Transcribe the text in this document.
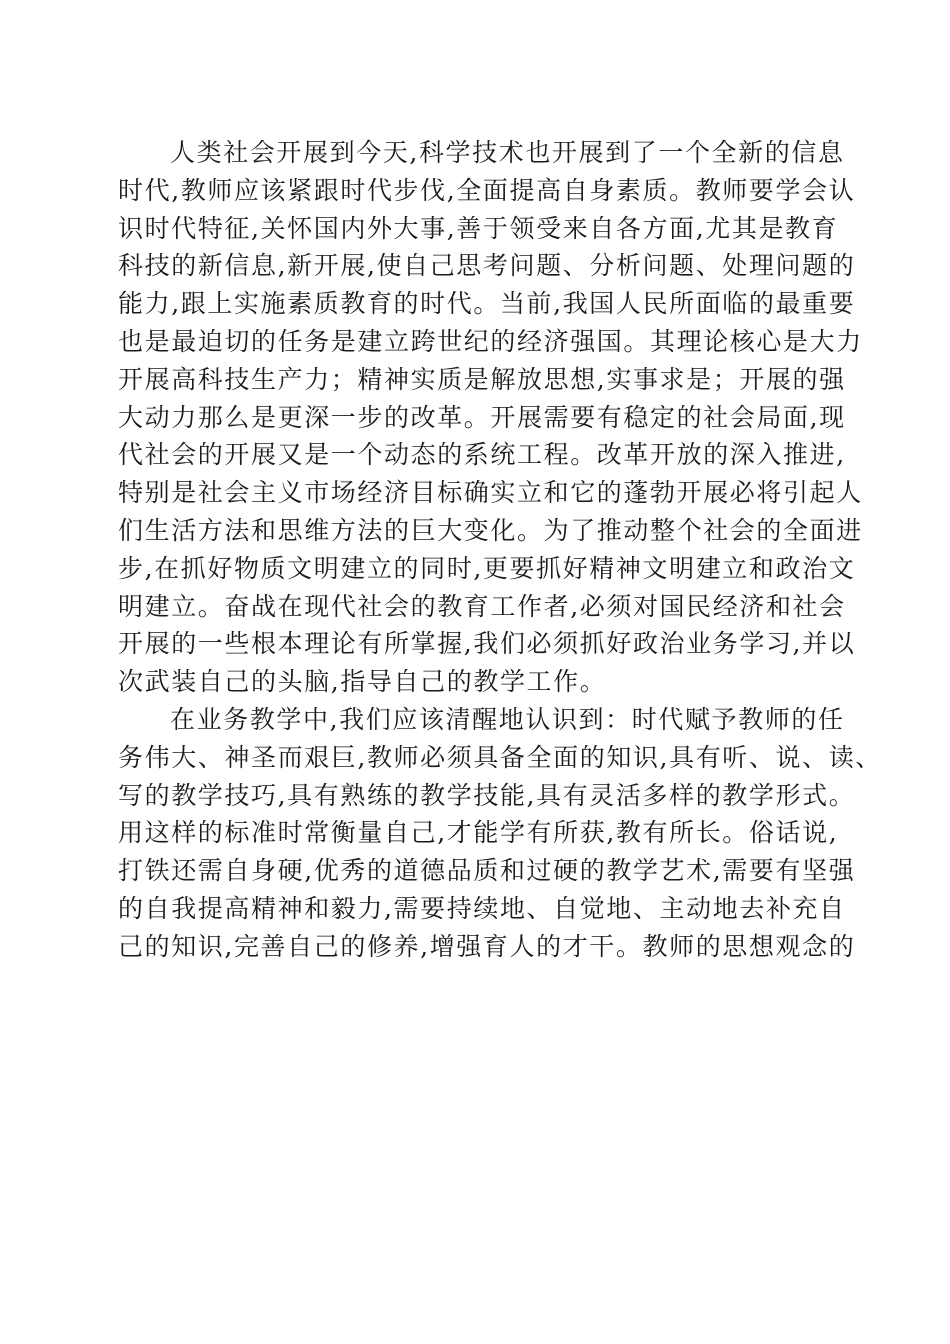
人类社会开展到今天,科学技术也开展到了一个全新的信息
时代,教师应该紧跟时代步伐,全面提高自身素质。教师要学会认
识时代特征,关怀国内外大事,善于领受来自各方面,尤其是教育
科技的新信息,新开展,使自己思考问题、分析问题、处理问题的
能力,跟上实施素质教育的时代。当前,我国人民所面临的最重要
也是最迫切的任务是建立跨世纪的经济强国。其理论核心是大力
开展高科技生产力；精神实质是解放思想,实事求是；开展的强
大动力那么是更深一步的改革。开展需要有稳定的社会局面,现
代社会的开展又是一个动态的系统工程。改革开放的深入推进,
特别是社会主义市场经济目标确实立和它的蓬勃开展必将引起人
们生活方法和思维方法的巨大变化。为了推动整个社会的全面进
步,在抓好物质文明建立的同时,更要抓好精神文明建立和政治文
明建立。奋战在现代社会的教育工作者,必须对国民经济和社会
开展的一些根本理论有所掌握,我们必须抓好政治业务学习,并以
次武装自己的头脑,指导自己的教学工作。
在业务教学中,我们应该清醒地认识到：时代赋予教师的任
务伟大、神圣而艰巨,教师必须具备全面的知识,具有听、说、读、
写的教学技巧,具有熟练的教学技能,具有灵活多样的教学形式。
用这样的标准时常衡量自己,才能学有所获,教有所长。俗话说,
打铁还需自身硬,优秀的道德品质和过硬的教学艺术,需要有坚强
的自我提高精神和毅力,需要持续地、自觉地、主动地去补充自
己的知识,完善自己的修养,增强育人的才干。教师的思想观念的
